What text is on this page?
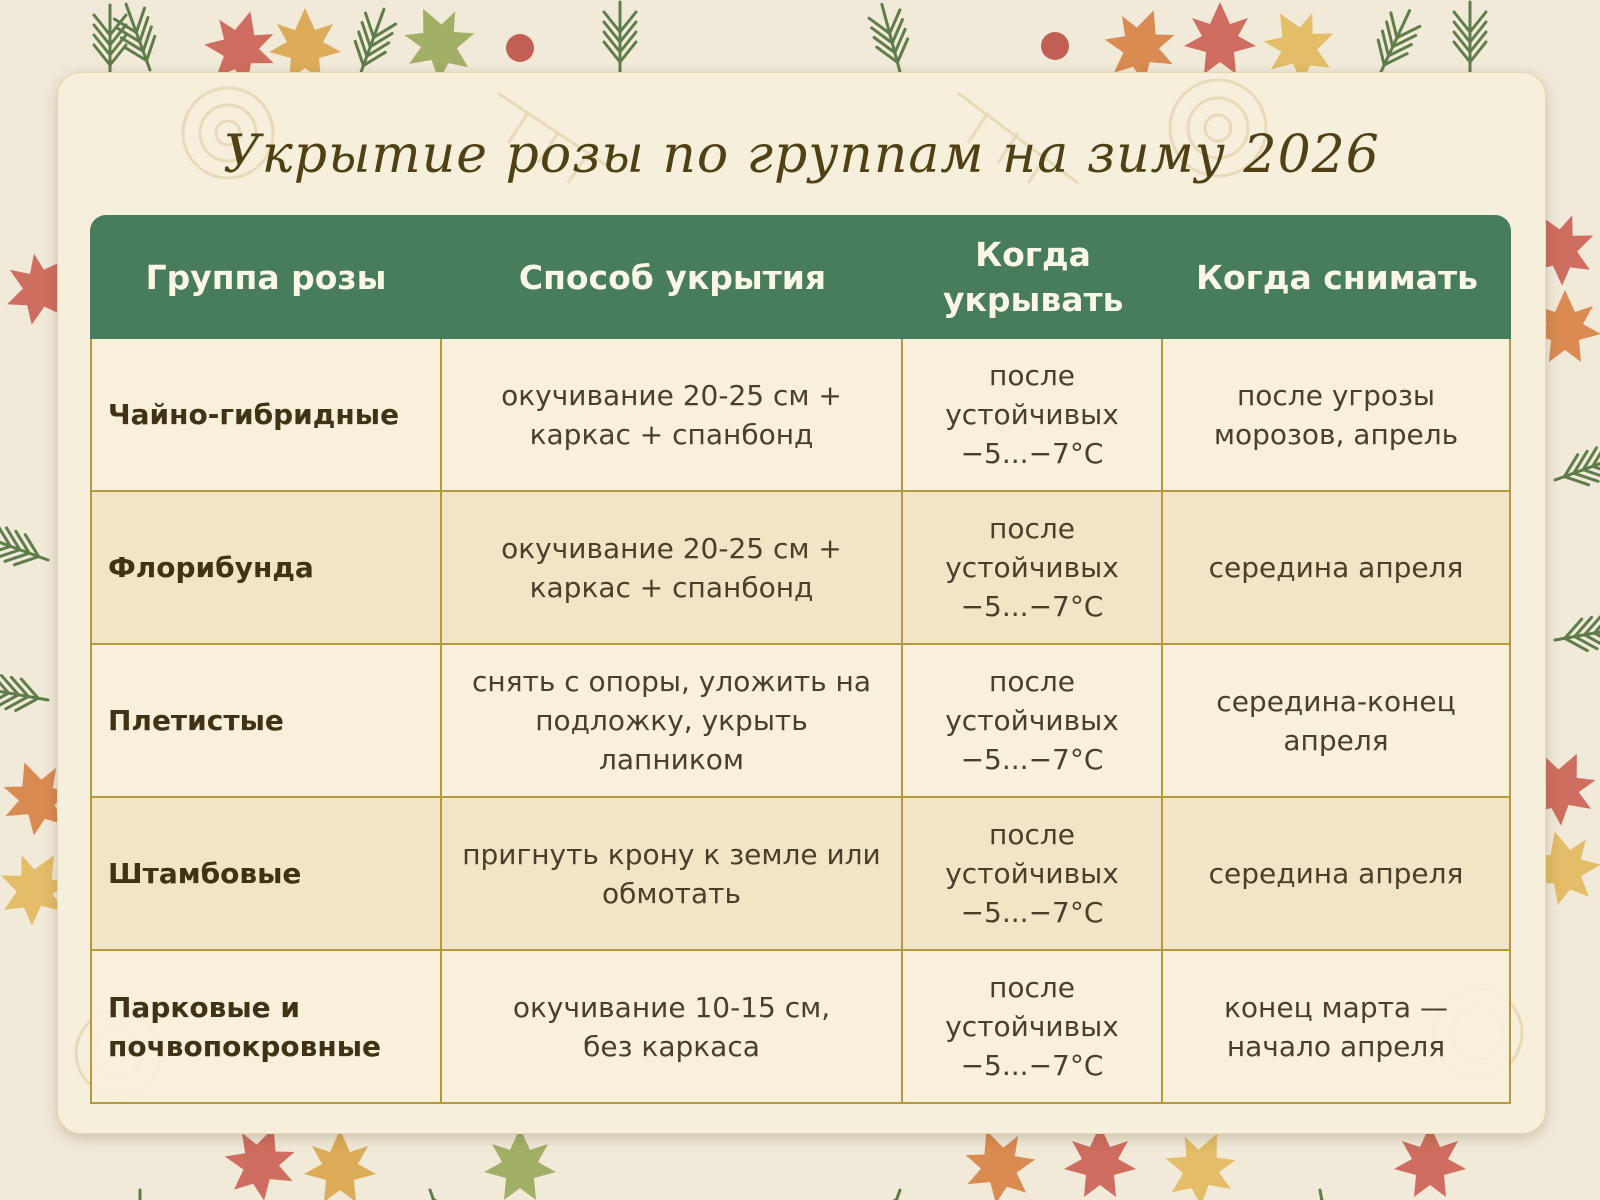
Укрытие розы по группам на зиму 2026
Группа розы	Способ укрытия	Когда укрывать	Когда снимать
Чайно-гибридные	окучивание 20-25 см + каркас + спанбонд	после устойчивых −5...−7°C	после угрозы морозов, апрель
Флорибунда	окучивание 20-25 см + каркас + спанбонд	после устойчивых −5...−7°C	середина апреля
Плетистые	снять с опоры, уложить на подложку, укрыть лапником	после устойчивых −5...−7°C	середина-конец апреля
Штамбовые	пригнуть крону к земле или обмотать	после устойчивых −5...−7°C	середина апреля
Парковые и почвопокровные	окучивание 10-15 см, без каркаса	после устойчивых −5...−7°C	конец марта — начало апреля
